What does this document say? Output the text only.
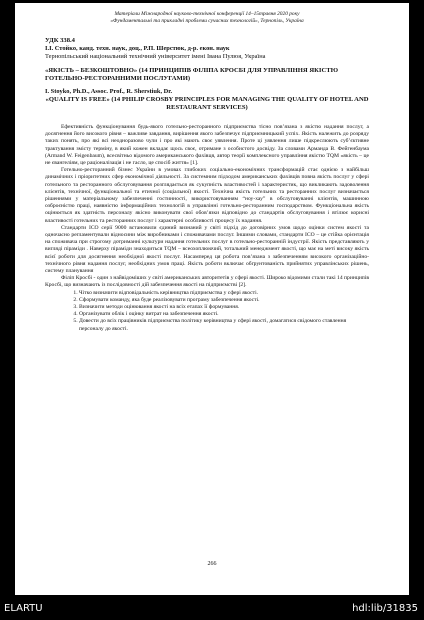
Матеріали Міжнародної науково-технічної конференції 14–15травня 2020 року
«Фундаментальні та прикладні проблеми сучасних технологій», Тернопіль, Україна
УДК 338.4
І.І. Стойко, канд. техн. наук, доц., Р.П. Шерстюк, д-р. екон. наук
Тернопільський національний технічний університет імені Івана Пулюя, Україна
«ЯКІСТЬ – БЕЗКОШТОВНО» (14 ПРИНЦИПІВ ФІЛІПА КРОСБІ ДЛЯ УПРАВЛІННЯ ЯКІСТЮ ГОТЕЛЬНО-РЕСТОРАННИМИ ПОСЛУГАМИ)
I. Stoyko, Ph.D., Assoc. Prof., R. Sherstiuk, Dr.
«QUALITY IS FREE» (14 PHILIP CROSBY PRINCIPLES FOR MANAGING THE QUALITY OF HOTEL AND RESTAURANT SERVICES)

Ефективність функціонування будь-якого готельно-ресторанного підприємства тісно пов’язана з якістю надання послуг, а досягнення його високого рівня – важливе завдання, вирішення якого забезпечує підприємницький успіх. Якість належить до розряду таких понять, про які всі неодноразово чули і про які мають своє уявлення. Проте ці уявлення лише підкреслюють суб’єктивне трактування змісту терміну, в який кожен вкладає щось своє, отримане з особистого досвіду. За словами Арманда В. Фейгенбаума (Armand W. Feigenbaum), всесвітньо відомого американського фахівця, автор теорії комплексного управління якістю TQM «якість – це не євангеліям, це раціоналізація і не гасло, це спосіб життя» [1].

Готельно-ресторанний бізнес України в умовах глибоких соціально-економічних трансформацій стає однією з найбільш динамічних і пріоритетних сфер економічної діяльності. За системним підходом американських фахівців повна якість послуг у сфері готельного та ресторанного обслуговування розглядається як сукупність властивостей і характеристик, що викликають задоволення клієнтів, технічної, функціональної та етичної (соціальної) якості. Технічна якість готельних та ресторанних послуг визначається рішеннями у матеріальному забезпеченні гостинності, використовуванням “ноу-хау” в обслуговуванні клієнтів, машинною озброєністю праці, наявністю інформаційних технологій в управлінні готельно-ресторанним господарством. Функціональна якість оцінюється як здатність персоналу якісно виконувати свої обов’язки відповідно до стандартів обслуговування і втілює корисні властивості готельних та ресторанних послуг і характерні особливості процесу їх надання.

Стандарти ІСО серії 9000 встановили єдиний визнаний у світі підхід до договірних умов щодо оцінки систем якості та одночасно регламентували відносини між виробниками і споживачами послуг. Іншими словами, стандарти ІСО – це стійка орієнтація на споживача при строгому дотриманні культури надання готельних послуг в готельно-ресторанній індустрії. Якість представляють у вигляді піраміди . Наверху піраміди знаходиться TQM – всеохоплюючий, тотальний менеджмент якості, що має на меті високу якість всієї роботи для досягнення необхідної якості послуг. Насамперед ця робота пов’язана з забезпеченням високого організаційно-технічного рівня надання послуг, необхідних умов праці. Якість роботи включає обґрунтованість прийнятих управлінських рішень, систему планування

Філіп Кросбі - один з найвідоміших у світі американських авторитетів у сфері якості. Широко відомими стали такі 14 принципів Кросбі, що визначають із послідовності дій забезпечення якості на підприємстві [2].

1. Чітко визначити відповідальність керівництва підприємства у сфері якості.
2. Сформувати команду, яка буде реалізовувати програму забезпечення якості.
3. Визначити методи оцінювання якості на всіх етапах її формування.
4. Організувати облік і оцінку витрат на забезпечення якості.
5. Довести до всіх працівників підприємства політику керівництва у сфері якості, домагатися свідомого ставлення персоналу до якості.
266
ELARTU	hdl:lib/31835
